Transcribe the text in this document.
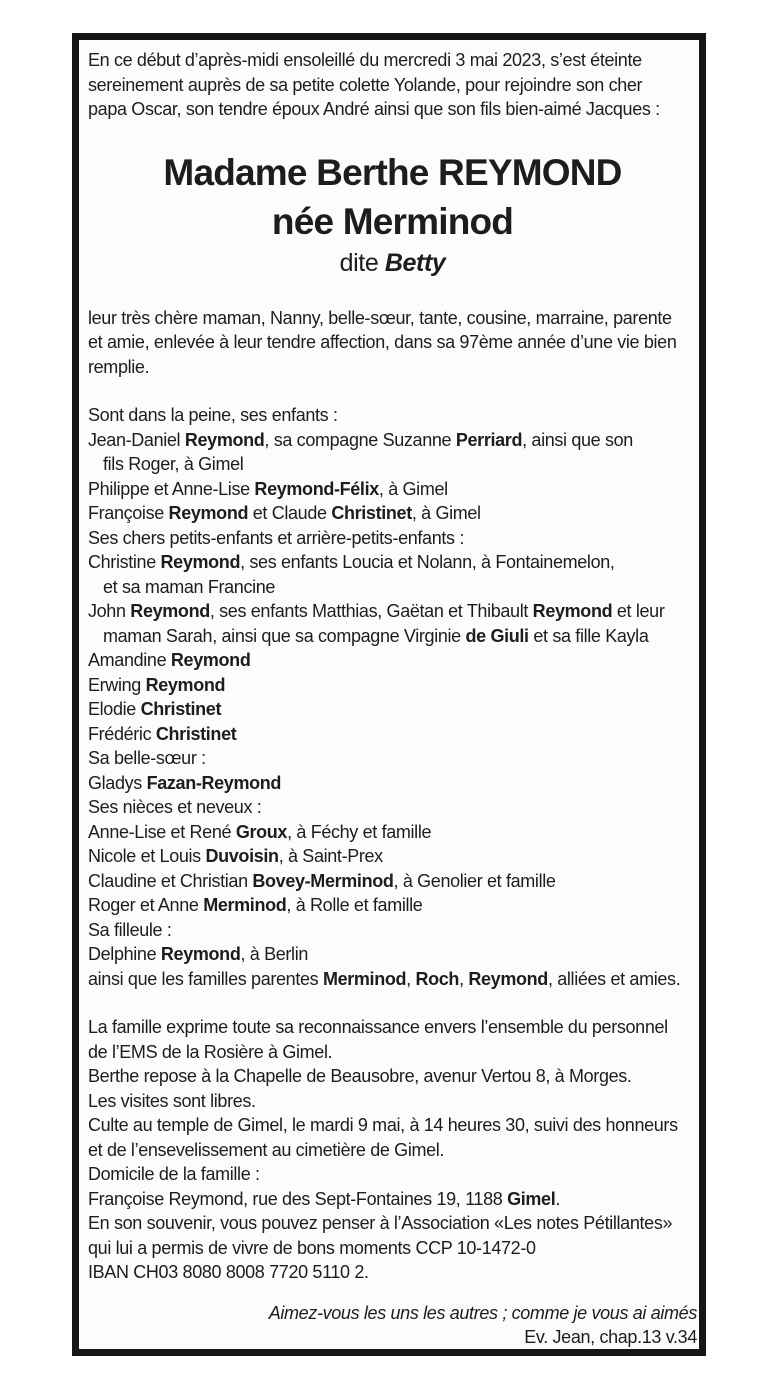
En ce début d’après-midi ensoleillé du mercredi 3 mai 2023, s’est éteinte
sereinement auprès de sa petite colette Yolande, pour rejoindre son cher
papa Oscar, son tendre époux André ainsi que son fils bien-aimé Jacques :
Madame Berthe REYMOND
née Merminod
dite Betty
leur très chère maman, Nanny, belle-sœur, tante, cousine, marraine, parente
et amie, enlevée à leur tendre affection, dans sa 97ème année d’une vie bien
remplie.
Sont dans la peine, ses enfants :
Jean-Daniel Reymond, sa compagne Suzanne Perriard, ainsi que son
fils Roger, à Gimel
Philippe et Anne-Lise Reymond-Félix, à Gimel
Françoise Reymond et Claude Christinet, à Gimel
Ses chers petits-enfants et arrière-petits-enfants :
Christine Reymond, ses enfants Loucia et Nolann, à Fontainemelon,
et sa maman Francine
John Reymond, ses enfants Matthias, Gaëtan et Thibault Reymond et leur
maman Sarah, ainsi que sa compagne Virginie de Giuli et sa fille Kayla
Amandine Reymond
Erwing Reymond
Elodie Christinet
Frédéric Christinet
Sa belle-sœur :
Gladys Fazan-Reymond
Ses nièces et neveux :
Anne-Lise et René Groux, à Féchy et famille
Nicole et Louis Duvoisin, à Saint-Prex
Claudine et Christian Bovey-Merminod, à Genolier et famille
Roger et Anne Merminod, à Rolle et famille
Sa filleule :
Delphine Reymond, à Berlin
ainsi que les familles parentes Merminod, Roch, Reymond, alliées et amies.
La famille exprime toute sa reconnaissance envers l’ensemble du personnel
de l’EMS de la Rosière à Gimel.
Berthe repose à la Chapelle de Beausobre, avenur Vertou 8, à Morges.
Les visites sont libres.
Culte au temple de Gimel, le mardi 9 mai, à 14 heures 30, suivi des honneurs
et de l’ensevelissement au cimetière de Gimel.
Domicile de la famille :
Françoise Reymond, rue des Sept-Fontaines 19, 1188 Gimel.
En son souvenir, vous pouvez penser à l’Association «Les notes Pétillantes»
qui lui a permis de vivre de bons moments CCP 10-1472-0
IBAN CH03 8080 8008 7720 5110 2.
Aimez-vous les uns les autres ; comme je vous ai aimés
Ev. Jean, chap.13 v.34
